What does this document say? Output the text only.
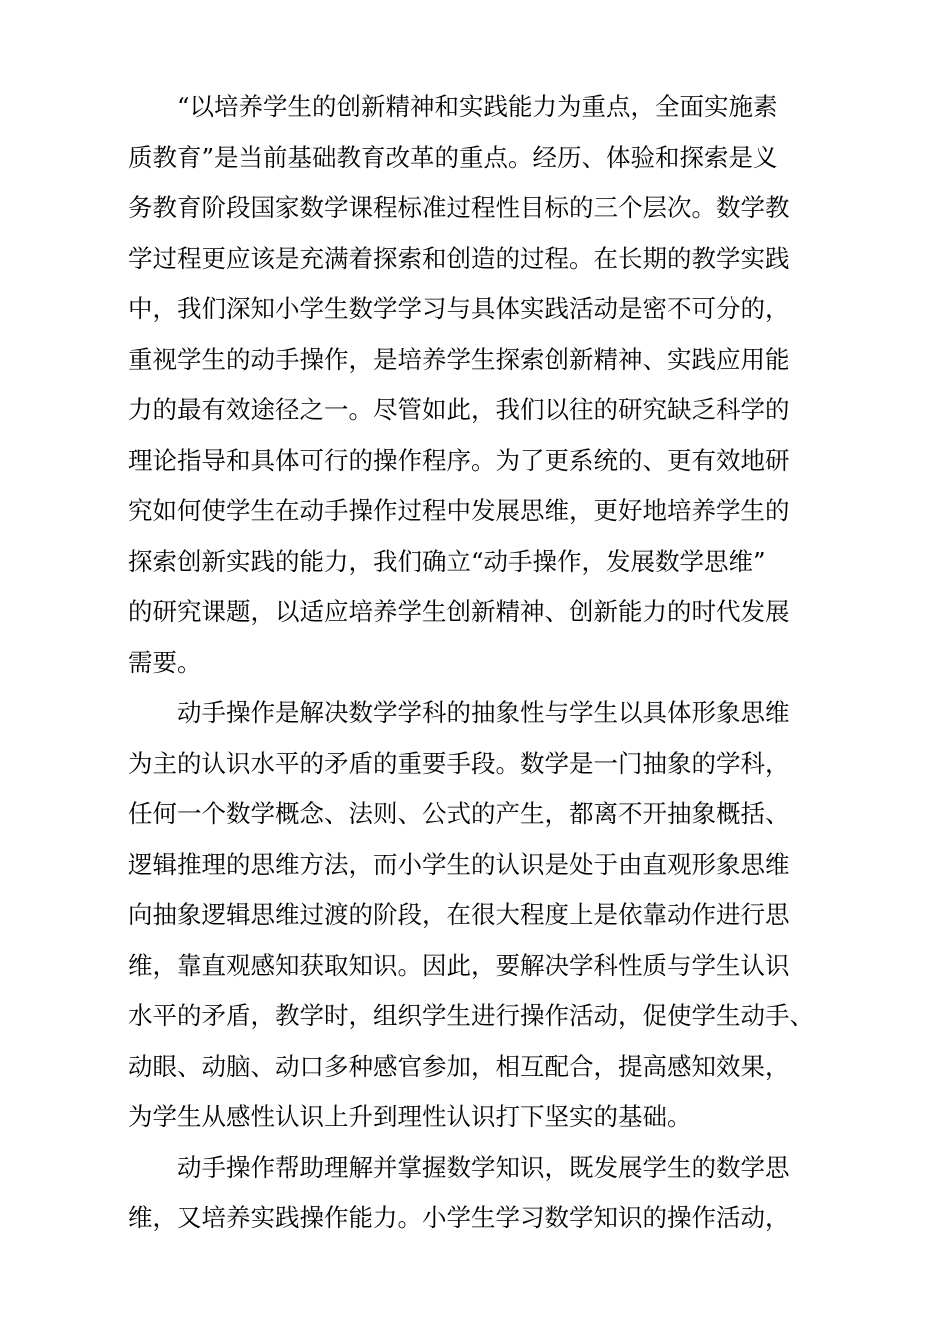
“以培养学生的创新精神和实践能力为重点，全面实施素
质教育”是当前基础教育改革的重点。经历、体验和探索是义
务教育阶段国家数学课程标准过程性目标的三个层次。数学教
学过程更应该是充满着探索和创造的过程。在长期的教学实践
中，我们深知小学生数学学习与具体实践活动是密不可分的，
重视学生的动手操作，是培养学生探索创新精神、实践应用能
力的最有效途径之一。尽管如此，我们以往的研究缺乏科学的
理论指导和具体可行的操作程序。为了更系统的、更有效地研
究如何使学生在动手操作过程中发展思维，更好地培养学生的
探索创新实践的能力，我们确立“动手操作，发展数学思维”
的研究课题，以适应培养学生创新精神、创新能力的时代发展
需要。
动手操作是解决数学学科的抽象性与学生以具体形象思维
为主的认识水平的矛盾的重要手段。数学是一门抽象的学科，
任何一个数学概念、法则、公式的产生，都离不开抽象概括、
逻辑推理的思维方法，而小学生的认识是处于由直观形象思维
向抽象逻辑思维过渡的阶段，在很大程度上是依靠动作进行思
维，靠直观感知获取知识。因此，要解决学科性质与学生认识
水平的矛盾，教学时，组织学生进行操作活动，促使学生动手、
动眼、动脑、动口多种感官参加，相互配合，提高感知效果，
为学生从感性认识上升到理性认识打下坚实的基础。
动手操作帮助理解并掌握数学知识，既发展学生的数学思
维，又培养实践操作能力。小学生学习数学知识的操作活动，
